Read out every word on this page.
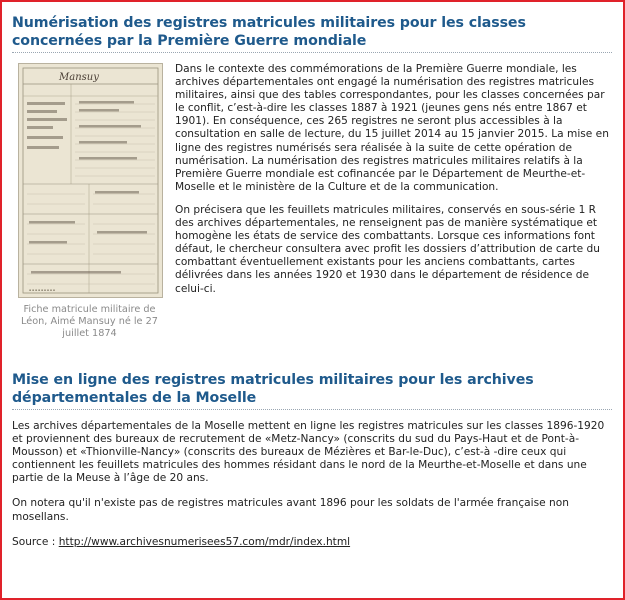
Numérisation des registres matricules militaires pour les classes concernées par la Première Guerre mondiale
Mansuy
▪ ▪ ▪ ▪ ▪ ▪ ▪ ▪ ▪
Fiche matricule militaire de Léon, Aimé Mansuy né le 27 juillet 1874

Dans le contexte des commémorations de la Première Guerre mondiale, les archives départementales ont engagé la numérisation des registres matricules militaires, ainsi que des tables correspondantes, pour les classes concernées par le conflit, c’est-à-dire les classes 1887 à 1921 (jeunes gens nés entre 1867 et 1901). En conséquence, ces 265 registres ne seront plus accessibles à la consultation en salle de lecture, du 15 juillet 2014 au 15 janvier 2015. La mise en ligne des registres numérisés sera réalisée à la suite de cette opération de numérisation. La numérisation des registres matricules militaires relatifs à la Première Guerre mondiale est cofinancée par le Département de Meurthe-et-Moselle et le ministère de la Culture et de la communication.

On précisera que les feuillets matricules militaires, conservés en sous-série 1 R des archives départementales, ne renseignent pas de manière systématique et homogène les états de service des combattants. Lorsque ces informations font défaut, le chercheur consultera avec profit les dossiers d’attribution de carte du combattant éventuellement existants pour les anciens combattants, cartes délivrées dans les années 1920 et 1930 dans le département de résidence de celui-ci.

Mise en ligne des registres matricules militaires pour les archives départementales de la Moselle

Les archives départementales de la Moselle mettent en ligne les registres matricules sur les classes 1896-1920 et proviennent des bureaux de recrutement de «Metz-Nancy» (conscrits du sud du Pays-Haut et de Pont-à-Mousson) et «Thionville-Nancy» (conscrits des bureaux de Mézières et Bar-le-Duc), c’est-à -dire ceux qui contiennent les feuillets matricules des hommes résidant dans le nord de la Meurthe-et-Moselle et dans une partie de la Meuse à l’âge de 20 ans.

On notera qu'il n'existe pas de registres matricules avant 1896 pour les soldats de l'armée française non mosellans.

Source : http://www.archivesnumerisees57.com/mdr/index.html
